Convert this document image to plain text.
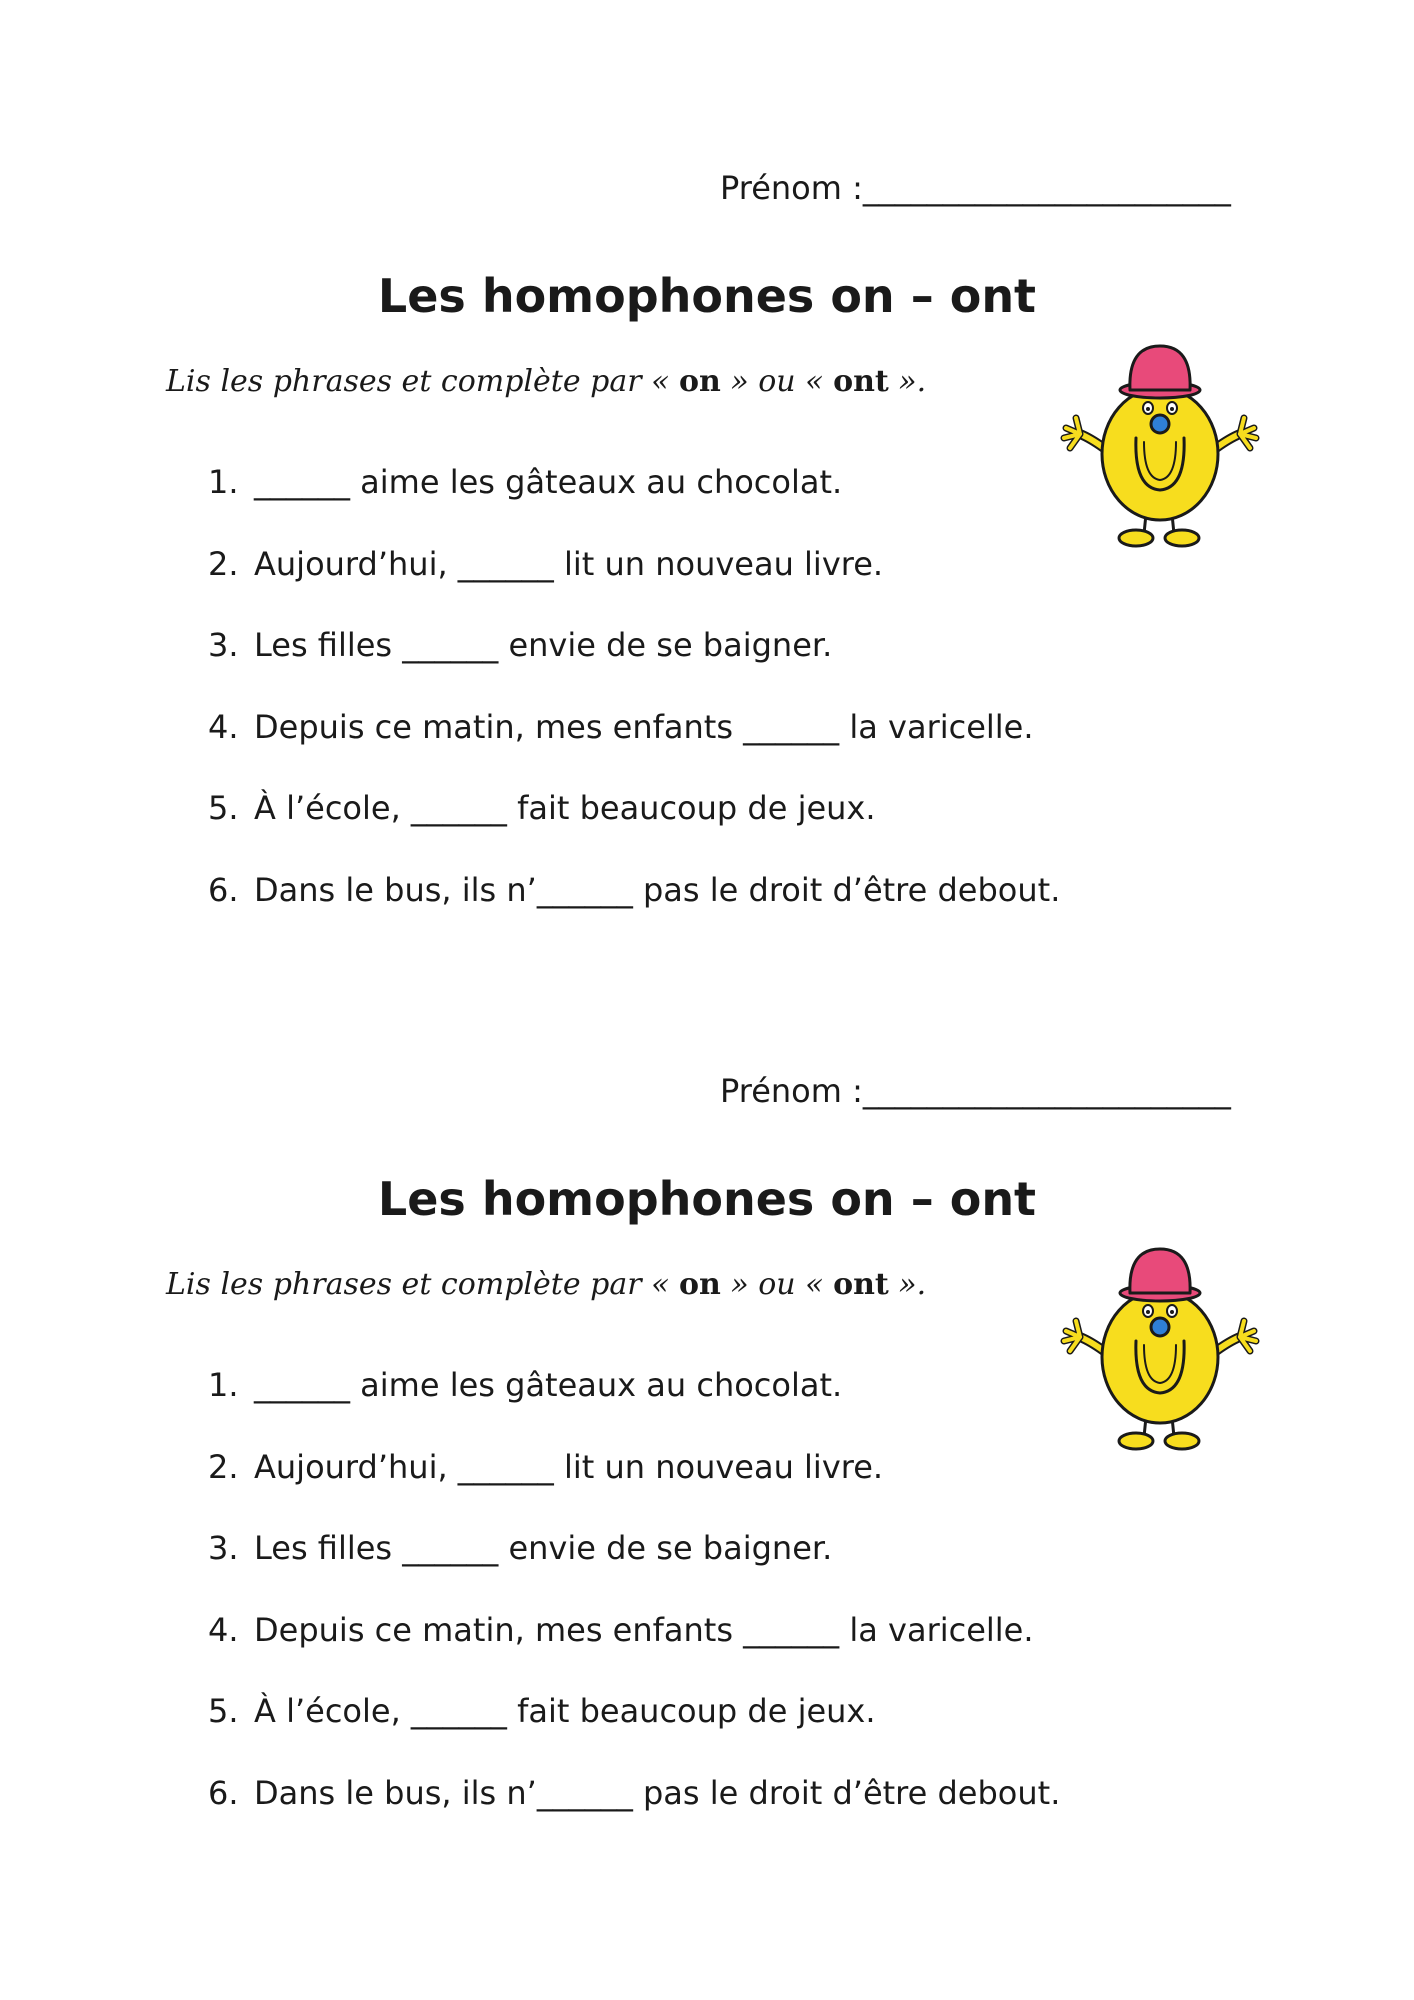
Prénom :_______________________
Les homophones on – ont
Lis les phrases et complète par « on » ou « ont ».
1. ______ aime les gâteaux au chocolat.
2. Aujourd’hui, ______ lit un nouveau livre.
3. Les filles ______ envie de se baigner.
4. Depuis ce matin, mes enfants ______ la varicelle.
5. À l’école, ______ fait beaucoup de jeux.
6. Dans le bus, ils n’______ pas le droit d’être debout.
Prénom :_______________________
Les homophones on – ont
Lis les phrases et complète par « on » ou « ont ».
1. ______ aime les gâteaux au chocolat.
2. Aujourd’hui, ______ lit un nouveau livre.
3. Les filles ______ envie de se baigner.
4. Depuis ce matin, mes enfants ______ la varicelle.
5. À l’école, ______ fait beaucoup de jeux.
6. Dans le bus, ils n’______ pas le droit d’être debout.
